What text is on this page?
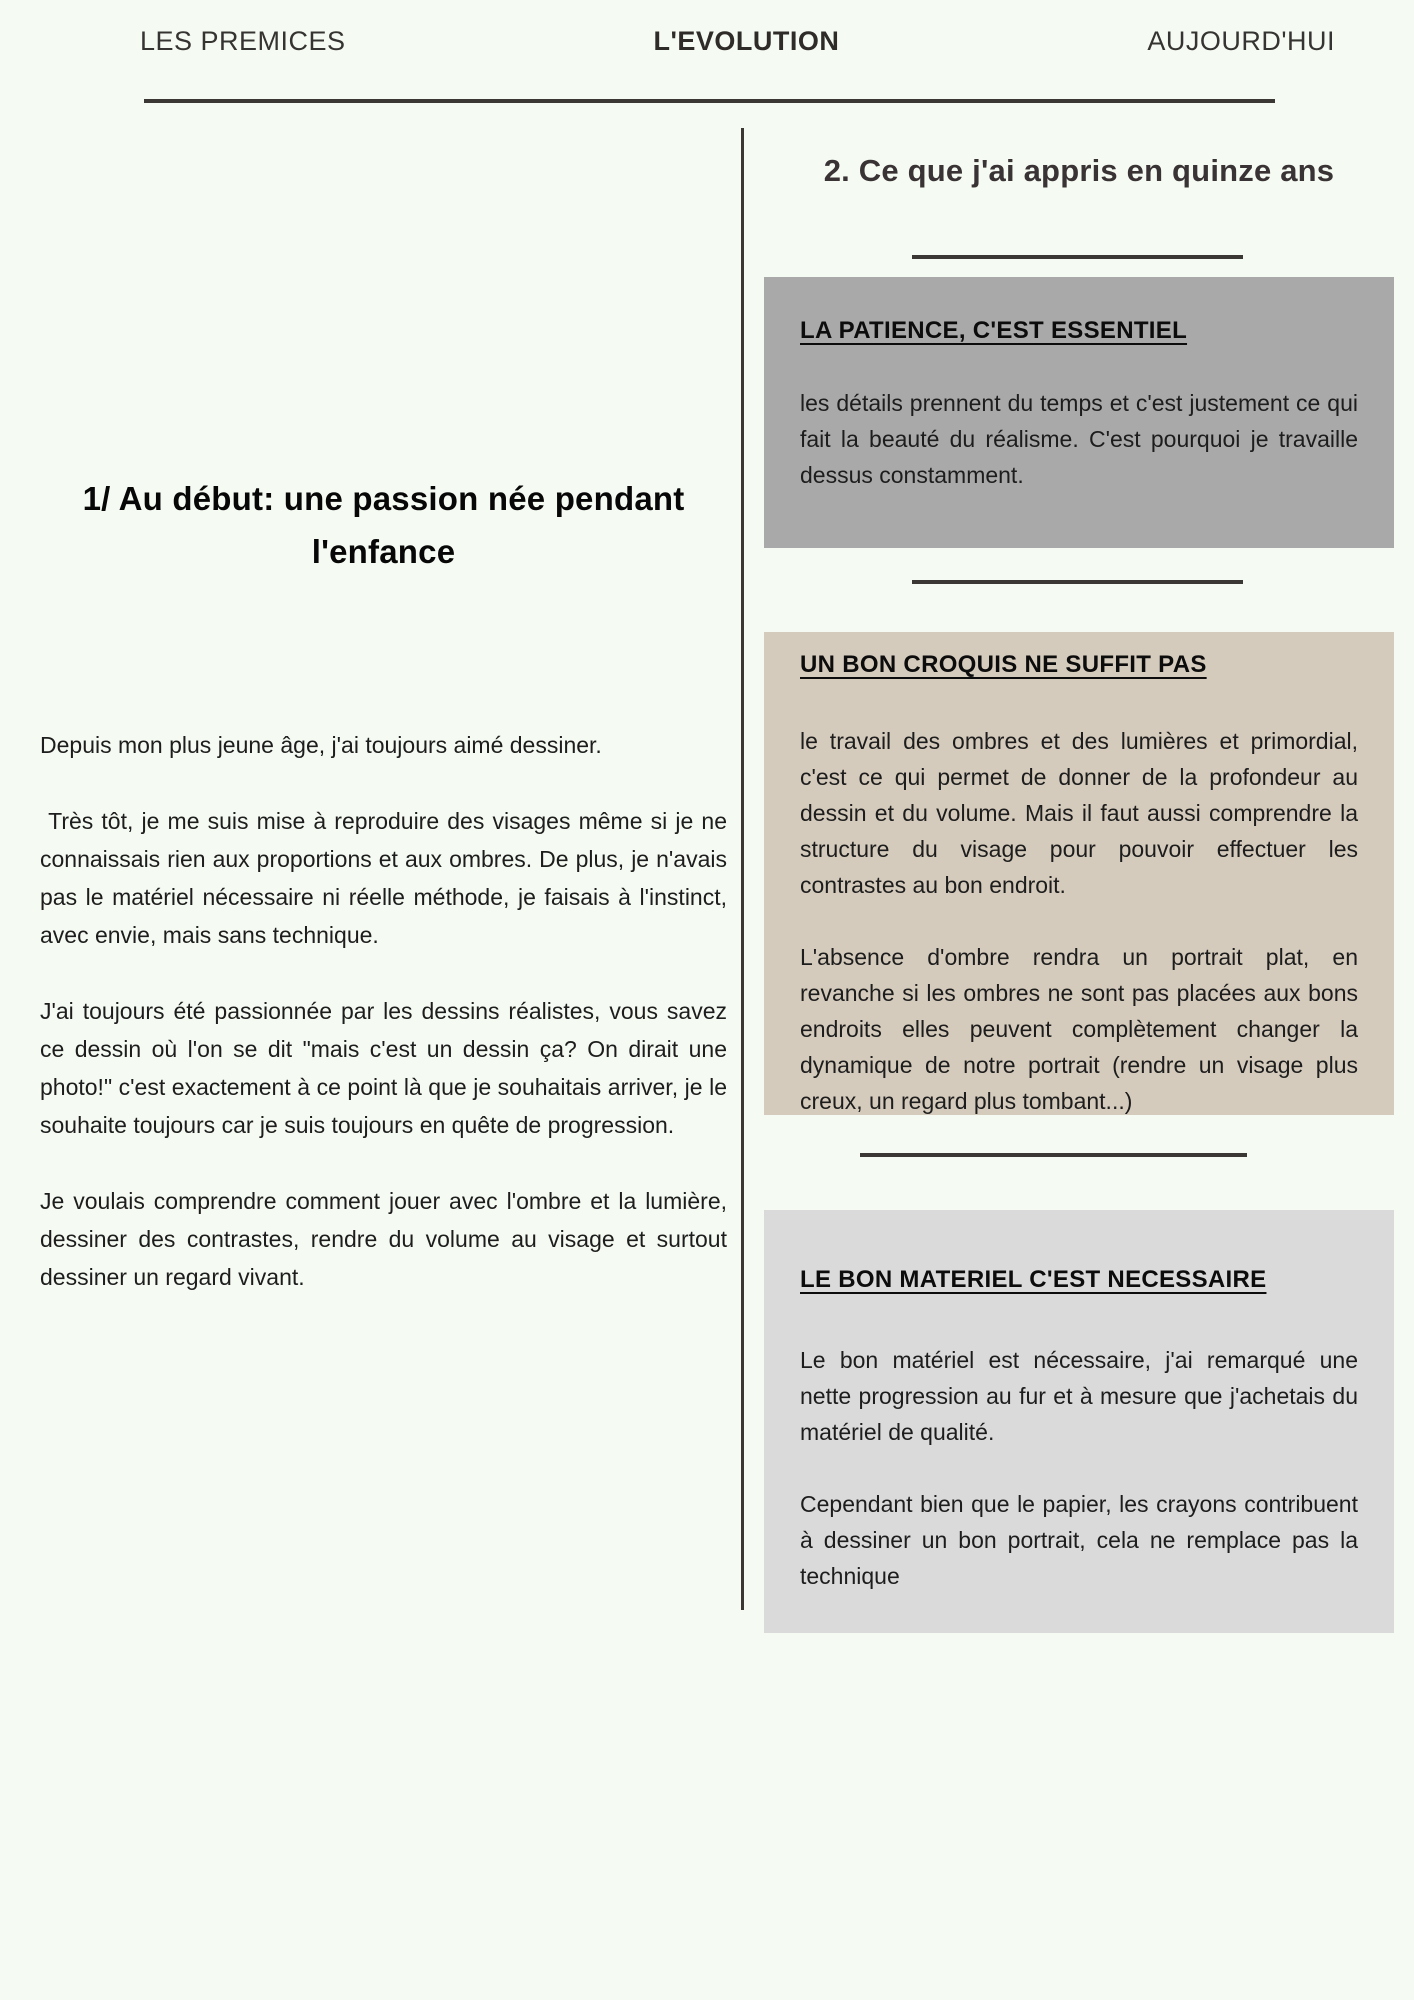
LES PREMICES	L'EVOLUTION	AUJOURD'HUI
1/ Au début: une passion née pendant l'enfance

Depuis mon plus jeune âge, j'ai toujours aimé dessiner.

Très tôt, je me suis mise à reproduire des visages même si je ne connaissais rien aux proportions et aux ombres. De plus, je n'avais pas le matériel nécessaire ni réelle méthode, je faisais à l'instinct, avec envie, mais sans technique.

J'ai toujours été passionnée par les dessins réalistes, vous savez ce dessin où l'on se dit "mais c'est un dessin ça? On dirait une photo!" c'est exactement à ce point là que je souhaitais arriver, je le souhaite toujours car je suis toujours en quête de progression.

Je voulais comprendre comment jouer avec l'ombre et la lumière, dessiner des contrastes, rendre du volume au visage et surtout dessiner un regard vivant.

2. Ce que j'ai appris en quinze ans
LA PATIENCE, C'EST ESSENTIEL

les détails prennent du temps et c'est justement ce qui fait la beauté du réalisme. C'est pourquoi je travaille dessus constamment.

UN BON CROQUIS NE SUFFIT PAS

le travail des ombres et des lumières et primordial, c'est ce qui permet de donner de la profondeur au dessin et du volume. Mais il faut aussi comprendre la structure du visage pour pouvoir effectuer les contrastes au bon endroit.

L'absence d'ombre rendra un portrait plat, en revanche si les ombres ne sont pas placées aux bons endroits elles peuvent complètement changer la dynamique de notre portrait (rendre un visage plus creux, un regard plus tombant...)

LE BON MATERIEL C'EST NECESSAIRE

Le bon matériel est nécessaire, j'ai remarqué une nette progression au fur et à mesure que j'achetais du matériel de qualité.

Cependant bien que le papier, les crayons contribuent à dessiner un bon portrait, cela ne remplace pas la technique
